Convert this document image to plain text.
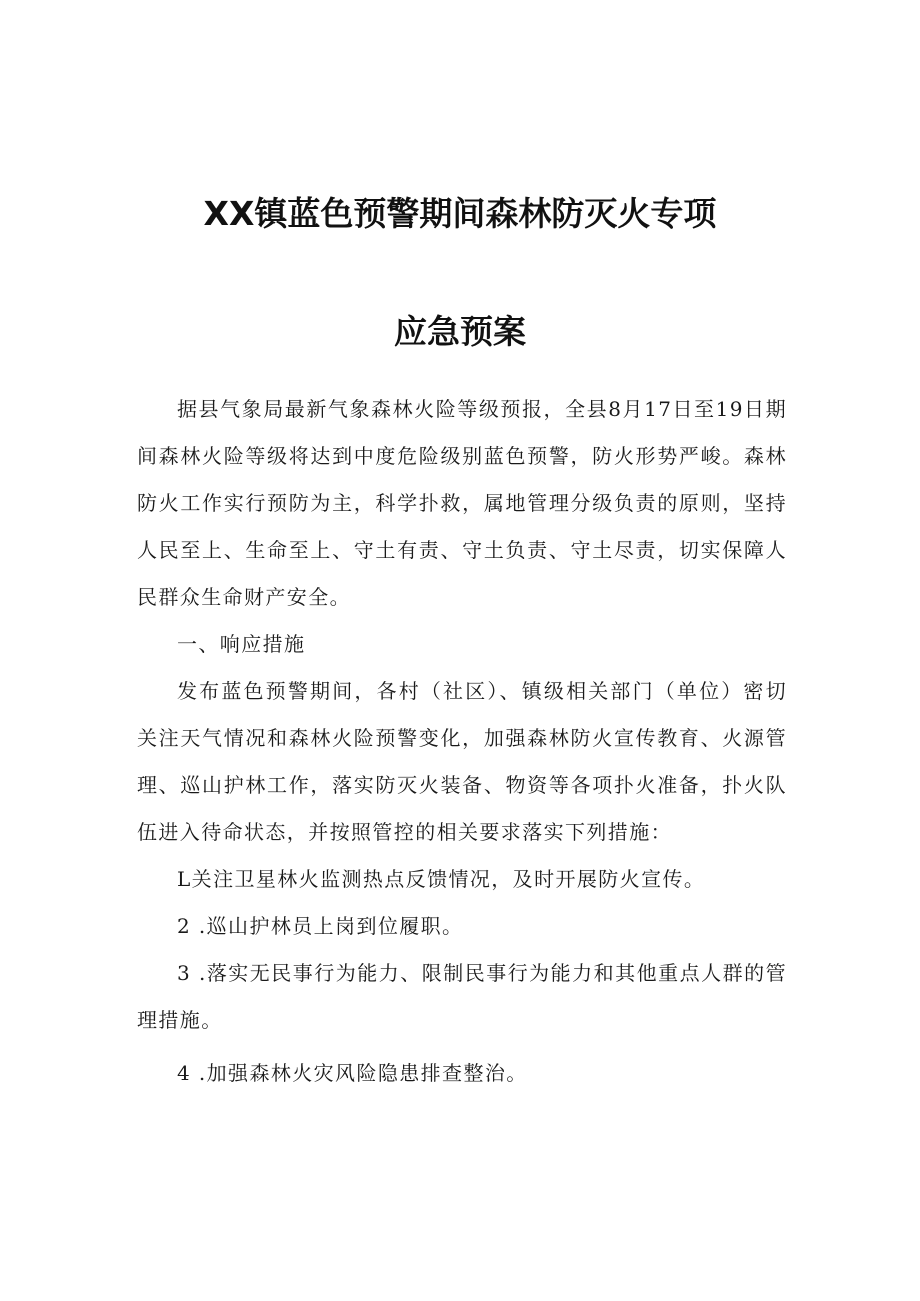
XX镇蓝色预警期间森林防灭火专项
应急预案

据县气象局最新气象森林火险等级预报，全县8月17日至19日期间森林火险等级将达到中度危险级别蓝色预警，防火形势严峻。森林防火工作实行预防为主，科学扑救，属地管理分级负责的原则，坚持人民至上、生命至上、守土有责、守土负责、守土尽责，切实保障人民群众生命财产安全。

一、响应措施

发布蓝色预警期间，各村（社区）、镇级相关部门（单位）密切关注天气情况和森林火险预警变化，加强森林防火宣传教育、火源管理、巡山护林工作，落实防灭火装备、物资等各项扑火准备，扑火队伍进入待命状态，并按照管控的相关要求落实下列措施：

L关注卫星林火监测热点反馈情况，及时开展防火宣传。

2 .巡山护林员上岗到位履职。

3 .落实无民事行为能力、限制民事行为能力和其他重点人群的管理措施。

4 .加强森林火灾风险隐患排查整治。
